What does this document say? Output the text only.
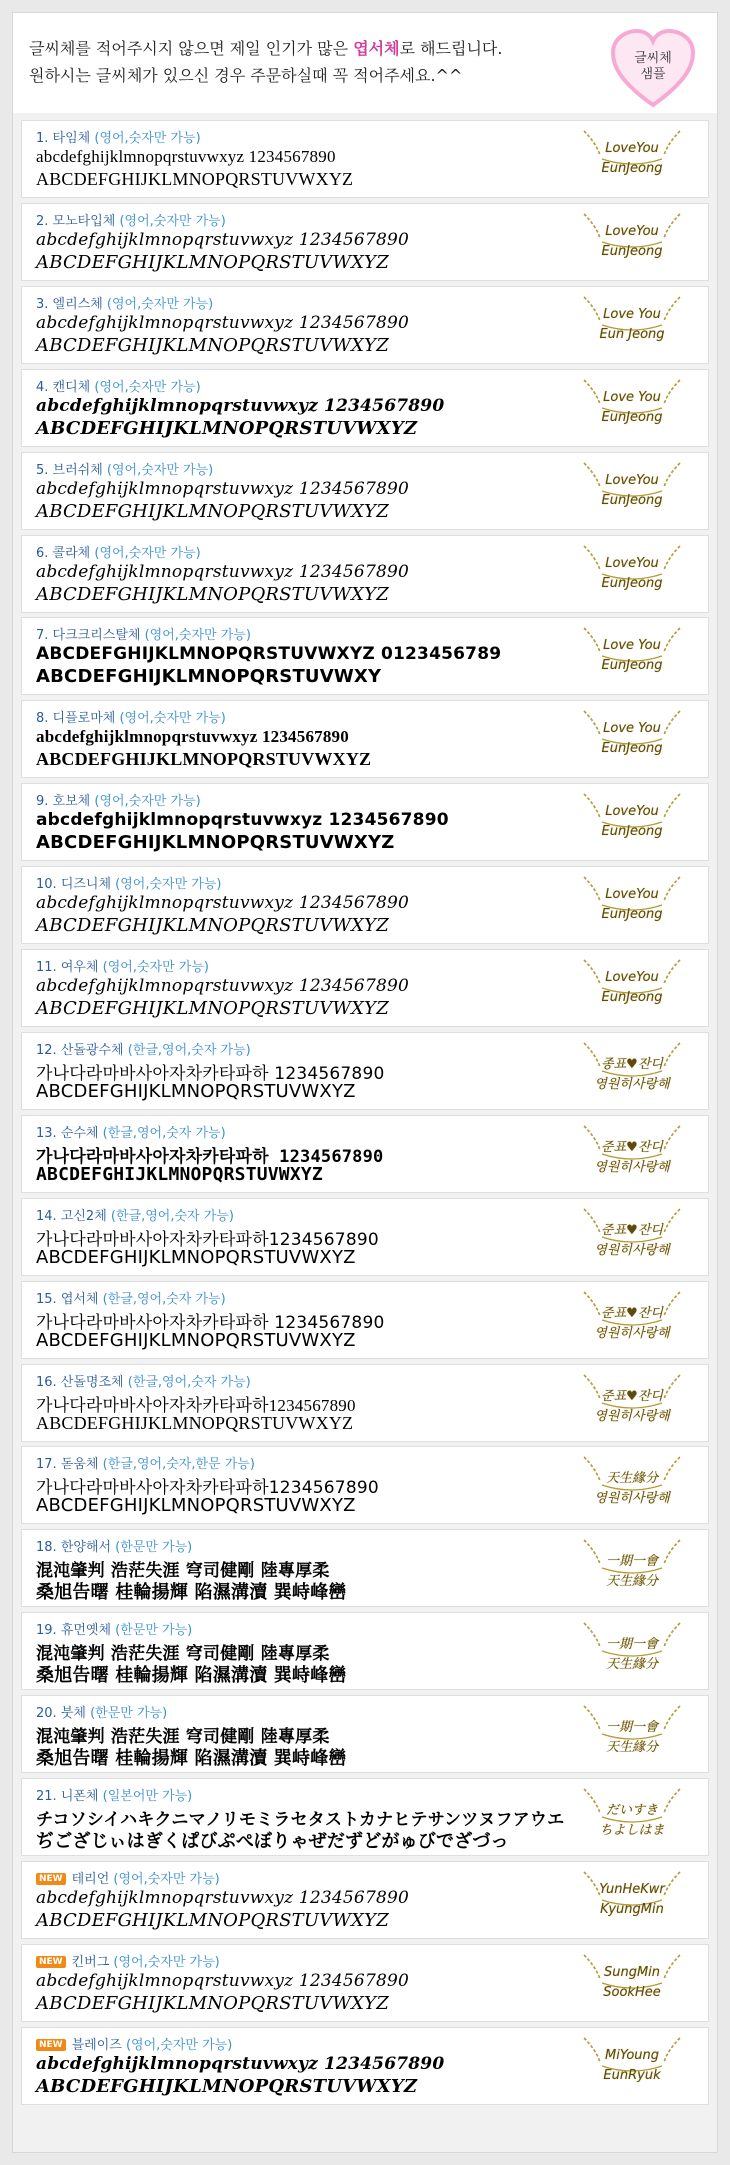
글씨체를 적어주시지 않으면 제일 인기가 많은 엽서체로 해드립니다.
원하시는 글씨체가 있으신 경우 주문하실때 꼭 적어주세요.^^
글씨체
샘플
1. 타임체 (영어,숫자만 가능)
abcdefghijklmnopqrstuvwxyz 1234567890
ABCDEFGHIJKLMNOPQRSTUVWXYZ
LoveYou
EunJeong
2. 모노타입체 (영어,숫자만 가능)
abcdefghijklmnopqrstuvwxyz 1234567890
ABCDEFGHIJKLMNOPQRSTUVWXYZ
LoveYou
EunJeong
3. 엘리스체 (영어,숫자만 가능)
abcdefghijklmnopqrstuvwxyz 1234567890
ABCDEFGHIJKLMNOPQRSTUVWXYZ
Love You
Eun Jeong
4. 캔디체 (영어,숫자만 가능)
abcdefghijklmnopqrstuvwxyz 1234567890
ABCDEFGHIJKLMNOPQRSTUVWXYZ
Love You
EunJeong
5. 브러쉬체 (영어,숫자만 가능)
abcdefghijklmnopqrstuvwxyz 1234567890
ABCDEFGHIJKLMNOPQRSTUVWXYZ
LoveYou
EunJeong
6. 콜라체 (영어,숫자만 가능)
abcdefghijklmnopqrstuvwxyz 1234567890
ABCDEFGHIJKLMNOPQRSTUVWXYZ
LoveYou
EunJeong
7. 다크크리스탈체 (영어,숫자만 가능)
ABCDEFGHIJKLMNOPQRSTUVWXYZ 0123456789
ABCDEFGHIJKLMNOPQRSTUVWXY
Love You
EunJeong
8. 디플로마체 (영어,숫자만 가능)
abcdefghijklmnopqrstuvwxyz 1234567890
ABCDEFGHIJKLMNOPQRSTUVWXYZ
Love You
EunJeong
9. 호보체 (영어,숫자만 가능)
abcdefghijklmnopqrstuvwxyz 1234567890
ABCDEFGHIJKLMNOPQRSTUVWXYZ
LoveYou
EunJeong
10. 디즈니체 (영어,숫자만 가능)
abcdefghijklmnopqrstuvwxyz 1234567890
ABCDEFGHIJKLMNOPQRSTUVWXYZ
LoveYou
EunJeong
11. 여우체 (영어,숫자만 가능)
abcdefghijklmnopqrstuvwxyz 1234567890
ABCDEFGHIJKLMNOPQRSTUVWXYZ
LoveYou
EunJeong
12. 산돌광수체 (한글,영어,숫자 가능)
가나다라마바사아자차카타파하 1234567890
ABCDEFGHIJKLMNOPQRSTUVWXYZ
종표♥잔디
영원히사랑해
13. 순수체 (한글,영어,숫자 가능)
가나다라마바사아자차카타파하 1234567890
ABCDEFGHIJKLMNOPQRSTUVWXYZ
준표♥잔디
영원히사랑해
14. 고신2체 (한글,영어,숫자 가능)
가나다라마바사아자차카타파하1234567890
ABCDEFGHIJKLMNOPQRSTUVWXYZ
준표♥잔디
영원히사랑해
15. 엽서체 (한글,영어,숫자 가능)
가나다라마바사아자차카타파하 1234567890
ABCDEFGHIJKLMNOPQRSTUVWXYZ
준표♥잔디
영원히사랑해
16. 산돌명조체 (한글,영어,숫자 가능)
가나다라마바사아자차카타파하1234567890
ABCDEFGHIJKLMNOPQRSTUVWXYZ
준표♥잔디
영원히사랑해
17. 돋움체 (한글,영어,숫자,한문 가능)
가나다라마바사아자차카타파하1234567890
ABCDEFGHIJKLMNOPQRSTUVWXYZ
天生緣分
영원히사랑해
18. 한양해서 (한문만 가능)
混沌肇判 浩茫失涯 穹司健剛 陸專厚柔
桑旭告曙 桂輪揚輝 陷濕溝瀆 巽峙峰巒
一期一會
天生緣分
19. 휴먼옛체 (한문만 가능)
混沌肇判 浩茫失涯 穹司健剛 陸專厚柔
桑旭告曙 桂輪揚輝 陷濕溝瀆 巽峙峰巒
一期一會
天生緣分
20. 붓체 (한문만 가능)
混沌肇判 浩茫失涯 穹司健剛 陸專厚柔
桑旭告曙 桂輪揚輝 陷濕溝瀆 巽峙峰巒
一期一會
天生緣分
21. 니폰체 (일본어만 가능)
チコソシイハキクニマノリモミラセタストカナヒテサンツヌフアウエ
ぢござじぃはぎくぱびぷぺぼりゃぜだずどがゅびでざづっ
だいすき
ちよしはま
NEW 테리언 (영어,숫자만 가능)
abcdefghijklmnopqrstuvwxyz 1234567890
ABCDEFGHIJKLMNOPQRSTUVWXYZ
YunHeKwr
KyungMin
NEW 킨버그 (영어,숫자만 가능)
abcdefghijklmnopqrstuvwxyz 1234567890
ABCDEFGHIJKLMNOPQRSTUVWXYZ
SungMin
SookHee
NEW 블레이즈 (영어,숫자만 가능)
abcdefghijklmnopqrstuvwxyz 1234567890
ABCDEFGHIJKLMNOPQRSTUVWXYZ
MiYoung
EunRyuk
